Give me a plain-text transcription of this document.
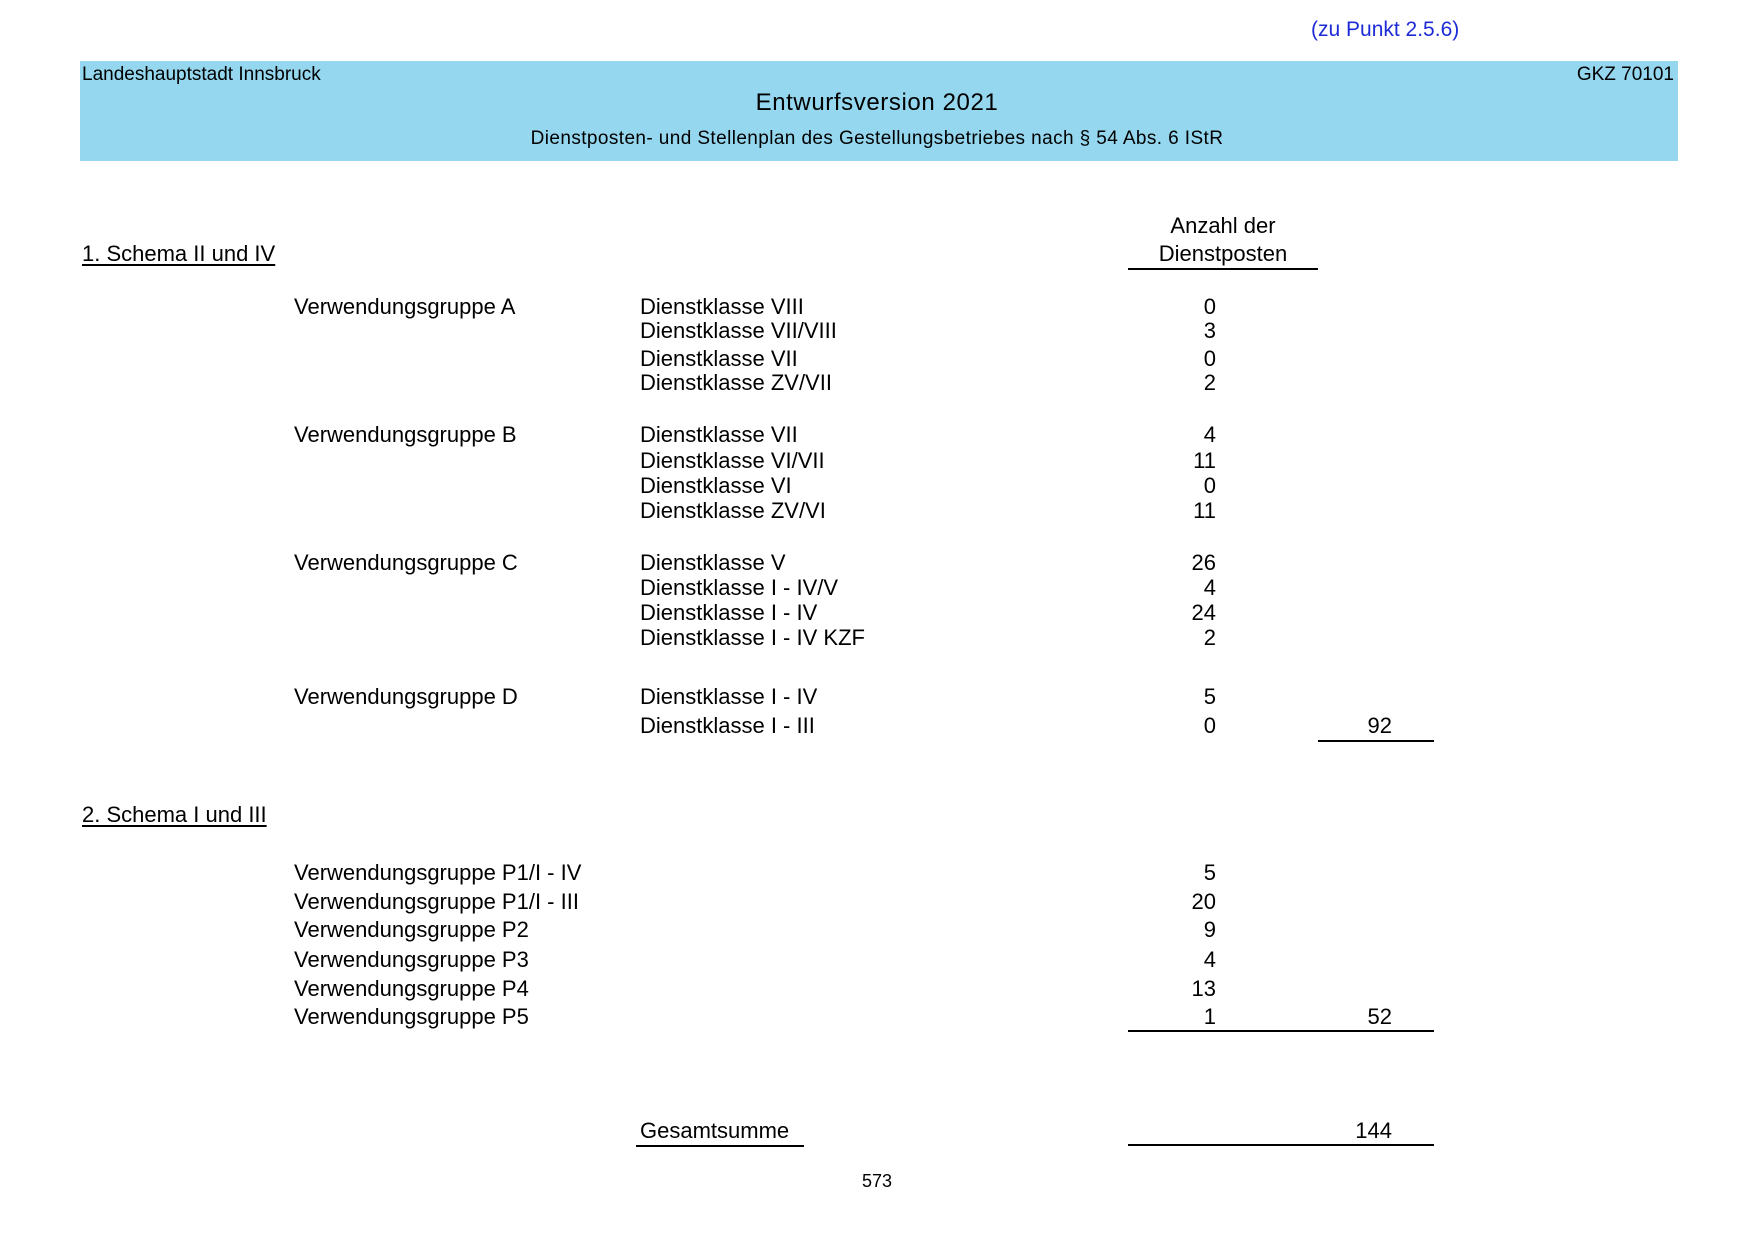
(zu Punkt 2.5.6)
Landeshauptstadt Innsbruck	GKZ 70101
Entwurfsversion 2021
Dienstposten- und Stellenplan des Gestellungsbetriebes nach § 54 Abs. 6 IStR
1. Schema II und IV
Anzahl der
Dienstposten
Verwendungsgruppe A	Dienstklasse VIII	0
Dienstklasse VII/VIII	3
Dienstklasse VII	0
Dienstklasse ZV/VII	2
Verwendungsgruppe B	Dienstklasse VII	4
Dienstklasse VI/VII	11
Dienstklasse VI	0
Dienstklasse ZV/VI	11
Verwendungsgruppe C	Dienstklasse V	26
Dienstklasse I - IV/V	4
Dienstklasse I - IV	24
Dienstklasse I - IV KZF	2
Verwendungsgruppe D	Dienstklasse I - IV	5
Dienstklasse I - III	0	92
2. Schema I und III
Verwendungsgruppe P1/I - IV	5
Verwendungsgruppe P1/I - III	20
Verwendungsgruppe P2	9
Verwendungsgruppe P3	4
Verwendungsgruppe P4	13
Verwendungsgruppe P5	1	52
Gesamtsumme	144
573
